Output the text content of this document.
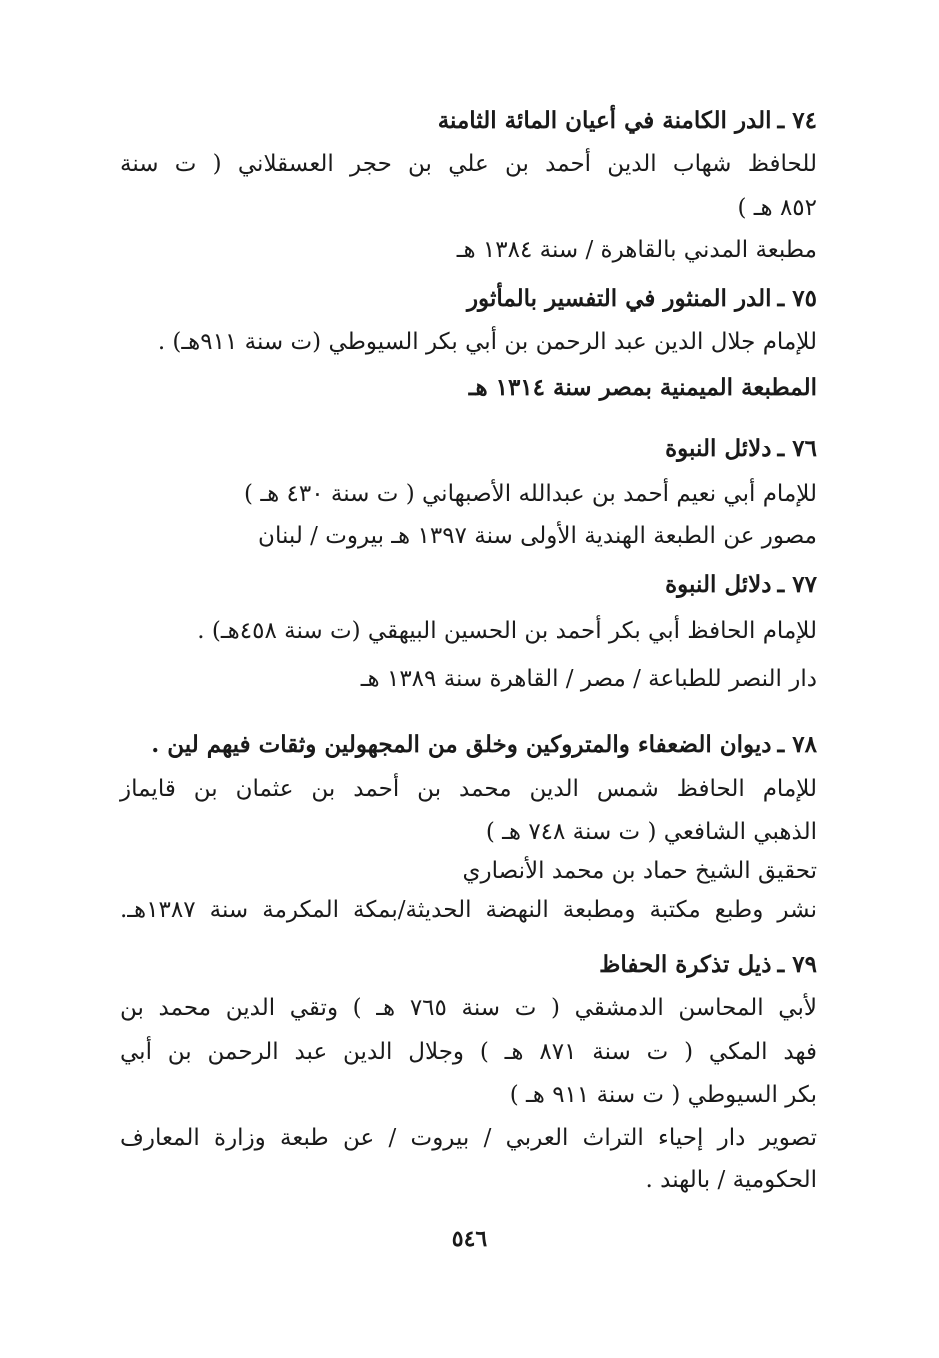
٧٤ ـ
الدر الكامنة في أعيان المائة الثامنة
للحافظ شهاب الدين أحمد بن علي بن حجر العسقلاني ( ت سنة
٨٥٢ هـ )
مطبعة المدني بالقاهرة / سنة ١٣٨٤ هـ
٧٥ ـ
الدر المنثور في التفسير بالمأثور
للإمام جلال الدين عبد الرحمن بن أبي بكر السيوطي (ت سنة ٩١١هـ) .
المطبعة الميمنية بمصر سنة ١٣١٤ هـ
٧٦ ـ
دلائل النبوة
للإمام أبي نعيم أحمد بن عبدالله الأصبهاني ( ت سنة ٤٣٠ هـ )
مصور عن الطبعة الهندية الأولى سنة ١٣٩٧ هـ بيروت / لبنان
٧٧ ـ
دلائل النبوة
للإمام الحافظ أبي بكر أحمد بن الحسين البيهقي (ت سنة ٤٥٨هـ) .
دار النصر للطباعة / مصر / القاهرة سنة ١٣٨٩ هـ
٧٨ ـ
ديوان الضعفاء والمتروكين وخلق من المجهولين وثقات فيهم لين .
للإمام الحافظ شمس الدين محمد بن أحمد بن عثمان بن قايماز
الذهبي الشافعي ( ت سنة ٧٤٨ هـ )
تحقيق الشيخ حماد بن محمد الأنصاري
نشر وطبع مكتبة ومطبعة النهضة الحديثة/بمكة المكرمة سنة ١٣٨٧هـ.
٧٩ ـ
ذيل تذكرة الحفاظ
لأبي المحاسن الدمشقي ( ت سنة ٧٦٥ هـ ) وتقي الدين محمد بن
فهد المكي ( ت سنة ٨٧١ هـ ) وجلال الدين عبد الرحمن بن أبي
بكر السيوطي ( ت سنة ٩١١ هـ )
تصوير دار إحياء التراث العربي / بيروت / عن طبعة وزارة المعارف
الحكومية / بالهند .
٥٤٦
